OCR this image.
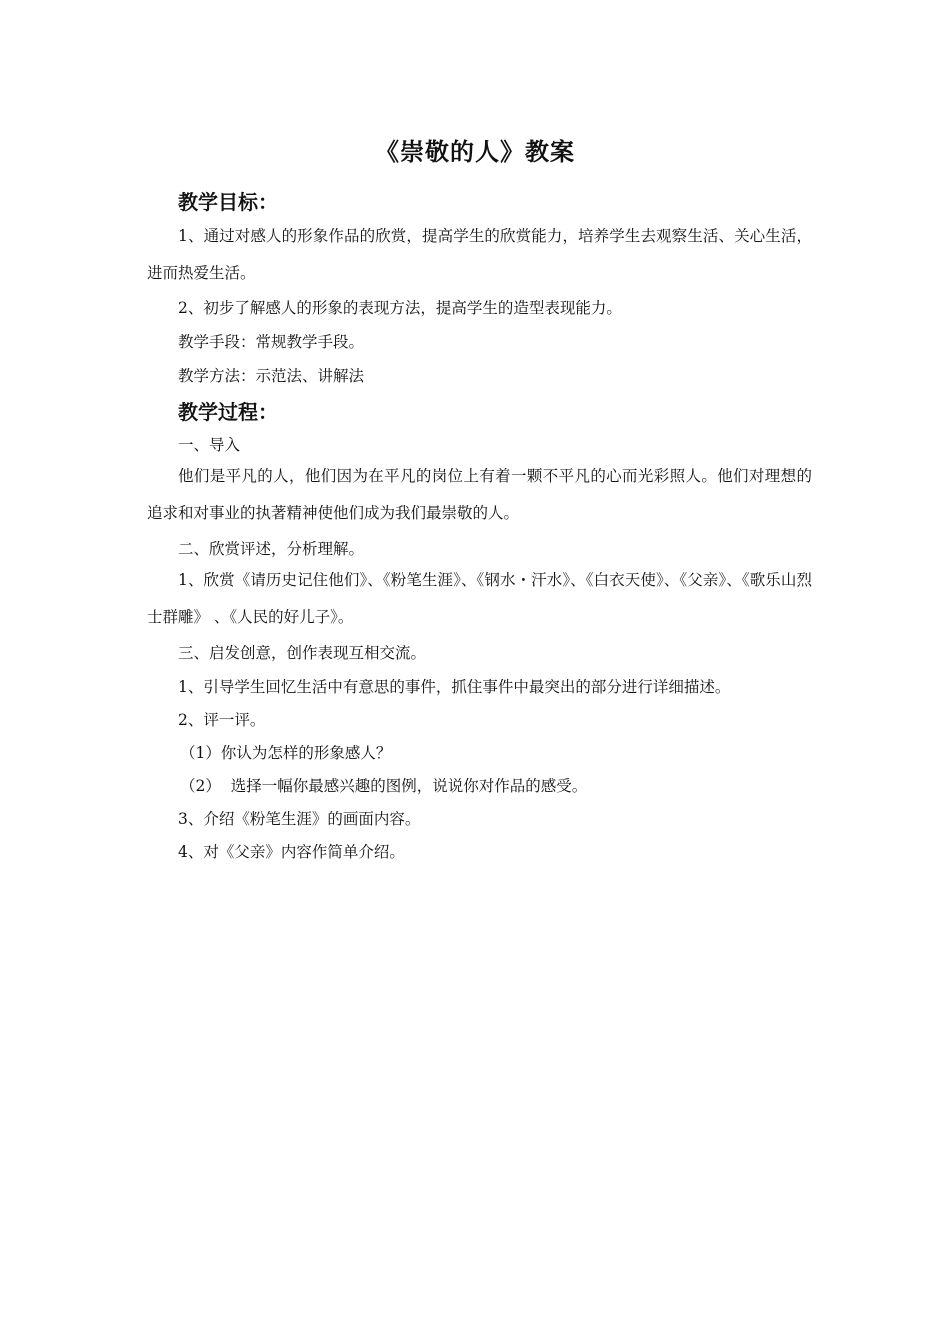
《崇敬的人》教案
教学目标：
1、通过对感人的形象作品的欣赏，提高学生的欣赏能力，培养学生去观察生活、关心生活，进而热爱生活。
2、初步了解感人的形象的表现方法，提高学生的造型表现能力。
教学手段：常规教学手段。
教学方法：示范法、讲解法
教学过程：
一、导入
他们是平凡的人，他们因为在平凡的岗位上有着一颗不平凡的心而光彩照人。他们对理想的追求和对事业的执著精神使他们成为我们最崇敬的人。
二、欣赏评述，分析理解。
1、欣赏《请历史记住他们》、《粉笔生涯》、《钢水・汗水》、《白衣天使》、《父亲》、《歌乐山烈士群雕》 、《人民的好儿子》。
三、启发创意，创作表现互相交流。
1、引导学生回忆生活中有意思的事件，抓住事件中最突出的部分进行详细描述。
2、评一评。
（1）你认为怎样的形象感人？
（2）  选择一幅你最感兴趣的图例，说说你对作品的感受。
3、介绍《粉笔生涯》的画面内容。
4、对《父亲》内容作简单介绍。
